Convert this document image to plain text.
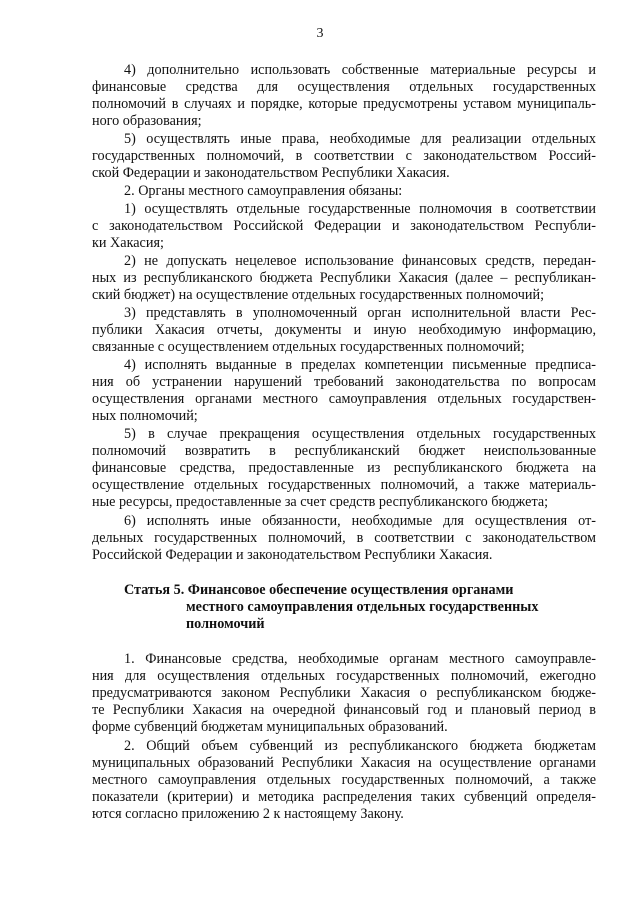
3
4) дополнительно использовать собственные материальные ресурсы и
финансовые средства для осуществления отдельных государственных
полномочий в случаях и порядке, которые предусмотрены уставом муниципаль-
ного образования;
5) осуществлять иные права, необходимые для реализации отдельных
государственных полномочий, в соответствии с законодательством Россий-
ской Федерации и законодательством Республики Хакасия.
2. Органы местного самоуправления обязаны:
1) осуществлять отдельные государственные полномочия в соответствии
с законодательством Российской Федерации и законодательством Республи-
ки Хакасия;
2) не допускать нецелевое использование финансовых средств, передан-
ных из республиканского бюджета Республики Хакасия (далее – республикан-
ский бюджет) на осуществление отдельных государственных полномочий;
3) представлять в уполномоченный орган исполнительной власти Рес-
публики Хакасия отчеты, документы и иную необходимую информацию,
связанные с осуществлением отдельных государственных полномочий;
4) исполнять выданные в пределах компетенции письменные предписа-
ния об устранении нарушений требований законодательства по вопросам
осуществления органами местного самоуправления отдельных государствен-
ных полномочий;
5) в случае прекращения осуществления отдельных государственных
полномочий возвратить в республиканский бюджет неиспользованные
финансовые средства, предоставленные из республиканского бюджета на
осуществление отдельных государственных полномочий, а также материаль-
ные ресурсы, предоставленные за счет средств республиканского бюджета;
6) исполнять иные обязанности, необходимые для осуществления от-
дельных государственных полномочий, в соответствии с законодательством
Российской Федерации и законодательством Республики Хакасия.
Статья 5. Финансовое обеспечение осуществления органами
местного самоуправления отдельных государственных
полномочий
1. Финансовые средства, необходимые органам местного самоуправле-
ния для осуществления отдельных государственных полномочий, ежегодно
предусматриваются законом Республики Хакасия о республиканском бюдже-
те Республики Хакасия на очередной финансовый год и плановый период в
форме субвенций бюджетам муниципальных образований.
2. Общий объем субвенций из республиканского бюджета бюджетам
муниципальных образований Республики Хакасия на осуществление органами
местного самоуправления отдельных государственных полномочий, а также
показатели (критерии) и методика распределения таких субвенций определя-
ются согласно приложению 2 к настоящему Закону.
